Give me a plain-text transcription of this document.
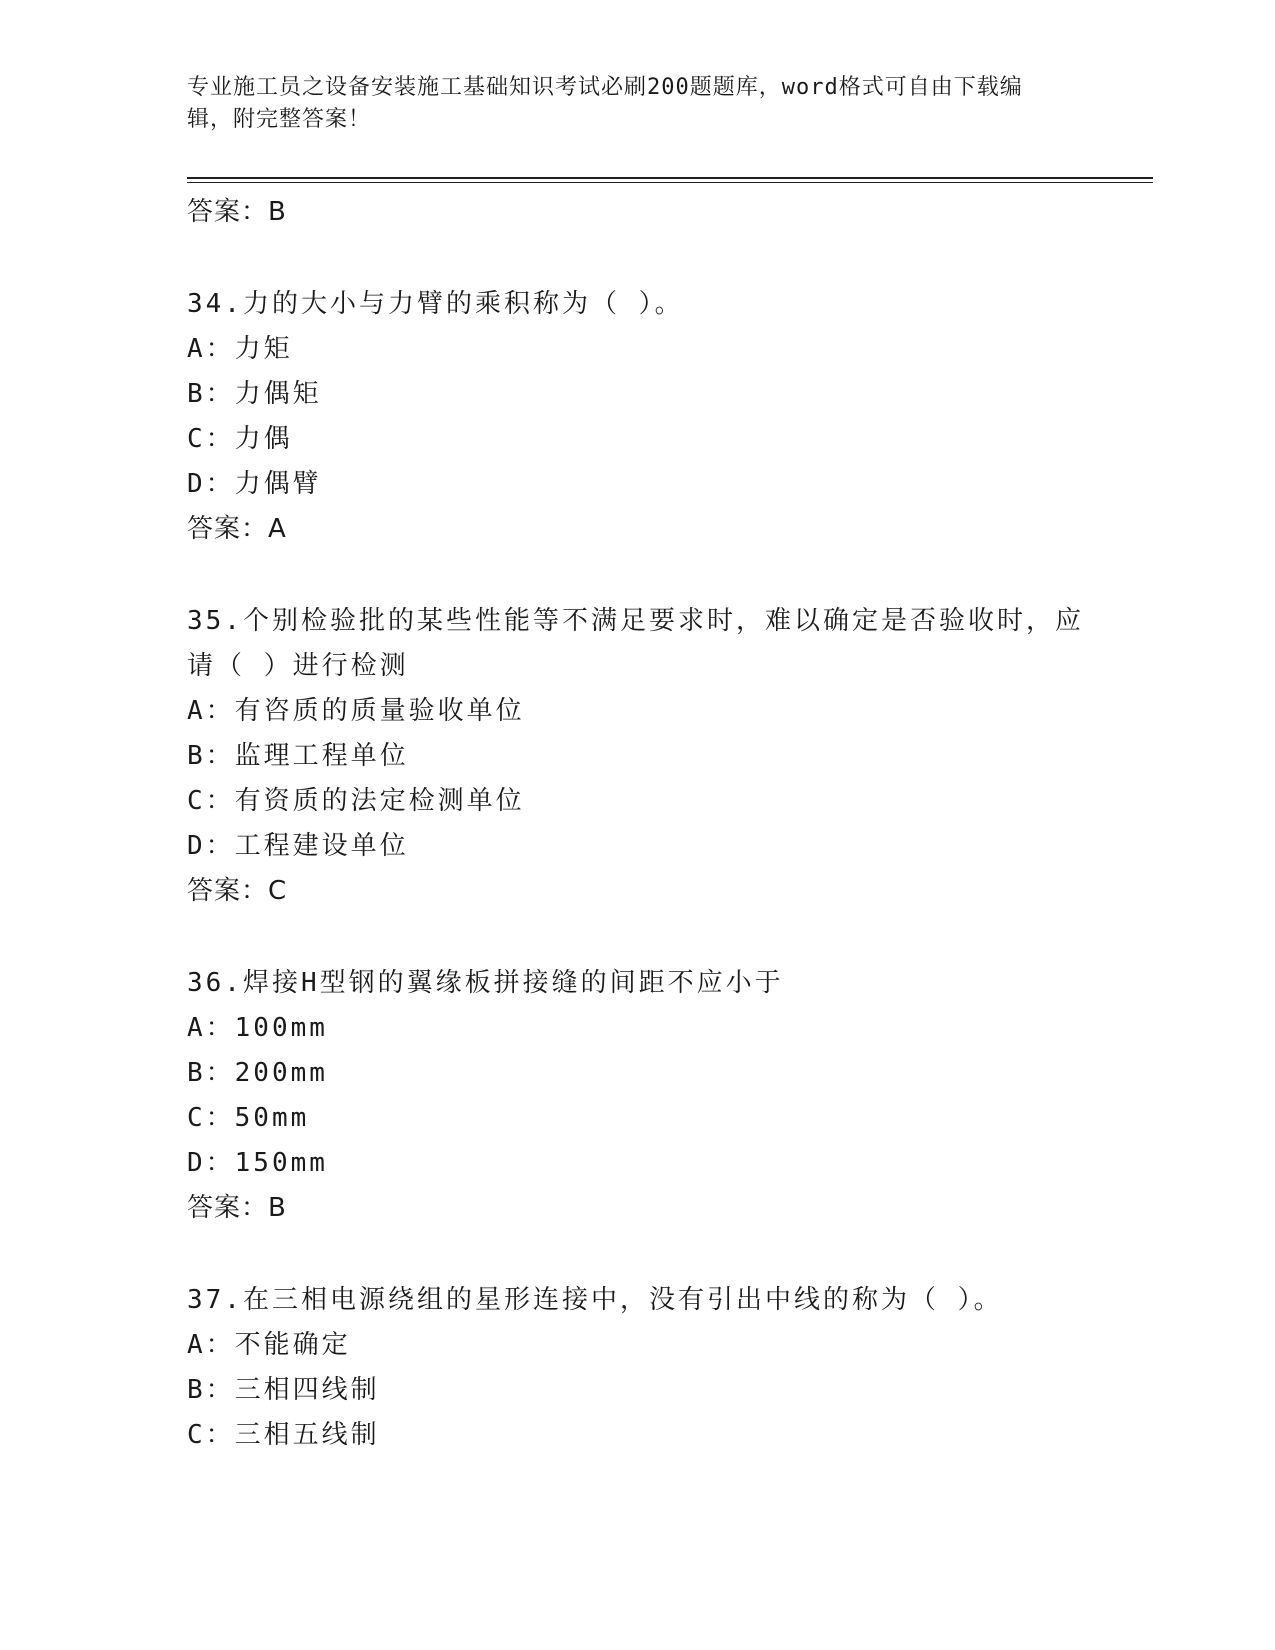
专业施工员之设备安装施工基础知识考试必刷200题题库，word格式可自由下载编辑，附完整答案！
答案：B
34.力的大小与力臂的乘积称为（ ）。
A：力矩
B：力偶矩
C：力偶
D：力偶臂
答案：A
35.个别检验批的某些性能等不满足要求时，难以确定是否验收时，应请（ ）进行检测
A：有咨质的质量验收单位
B：监理工程单位
C：有资质的法定检测单位
D：工程建设单位
答案：C
36.焊接H型钢的翼缘板拼接缝的间距不应小于
A：100mm
B：200mm
C：50mm
D：150mm
答案：B
37.在三相电源绕组的星形连接中，没有引出中线的称为（ ）。
A：不能确定
B：三相四线制
C：三相五线制
